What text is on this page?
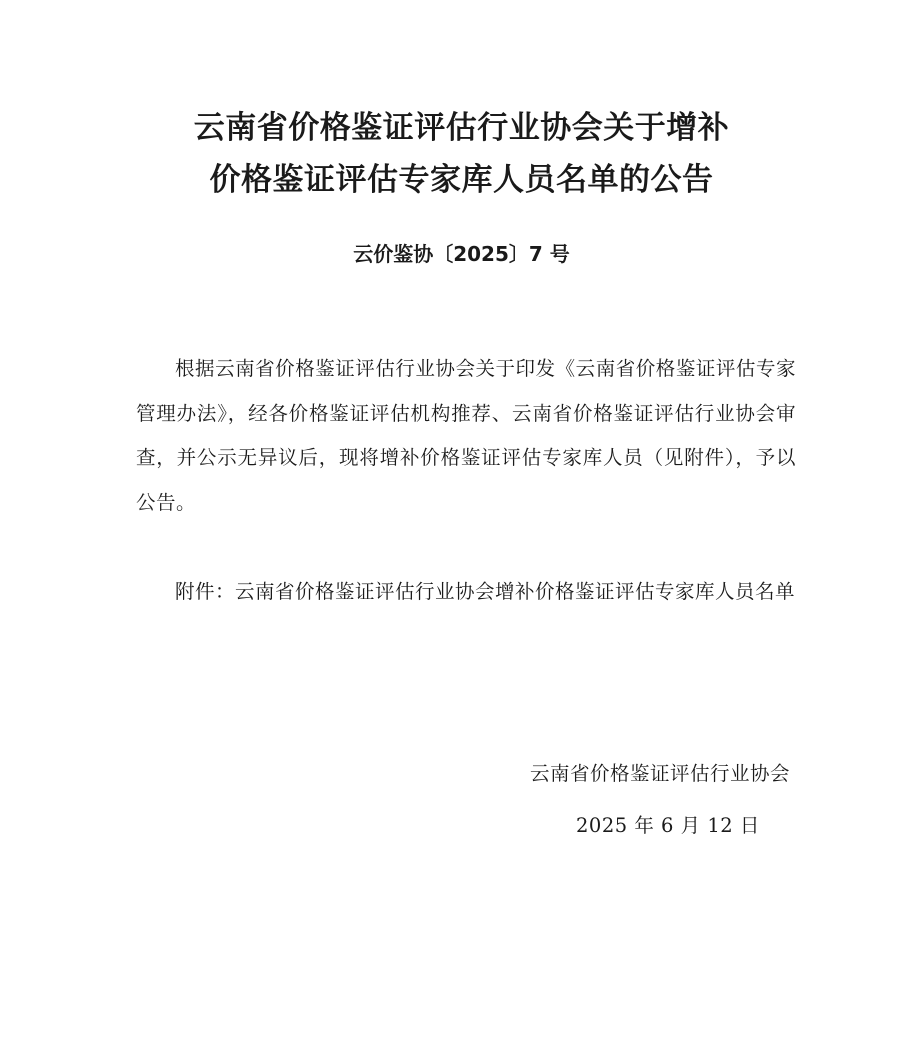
云南省价格鉴证评估行业协会关于增补
价格鉴证评估专家库人员名单的公告
云价鉴协〔2025〕7 号

根据云南省价格鉴证评估行业协会关于印发《云南省价格鉴证评估专家管理办法》，经各价格鉴证评估机构推荐、云南省价格鉴证评估行业协会审查，并公示无异议后，现将增补价格鉴证评估专家库人员（见附件），予以公告。

附件：云南省价格鉴证评估行业协会增补价格鉴证评估专家库人员名单

云南省价格鉴证评估行业协会
2025 年 6 月 12 日
